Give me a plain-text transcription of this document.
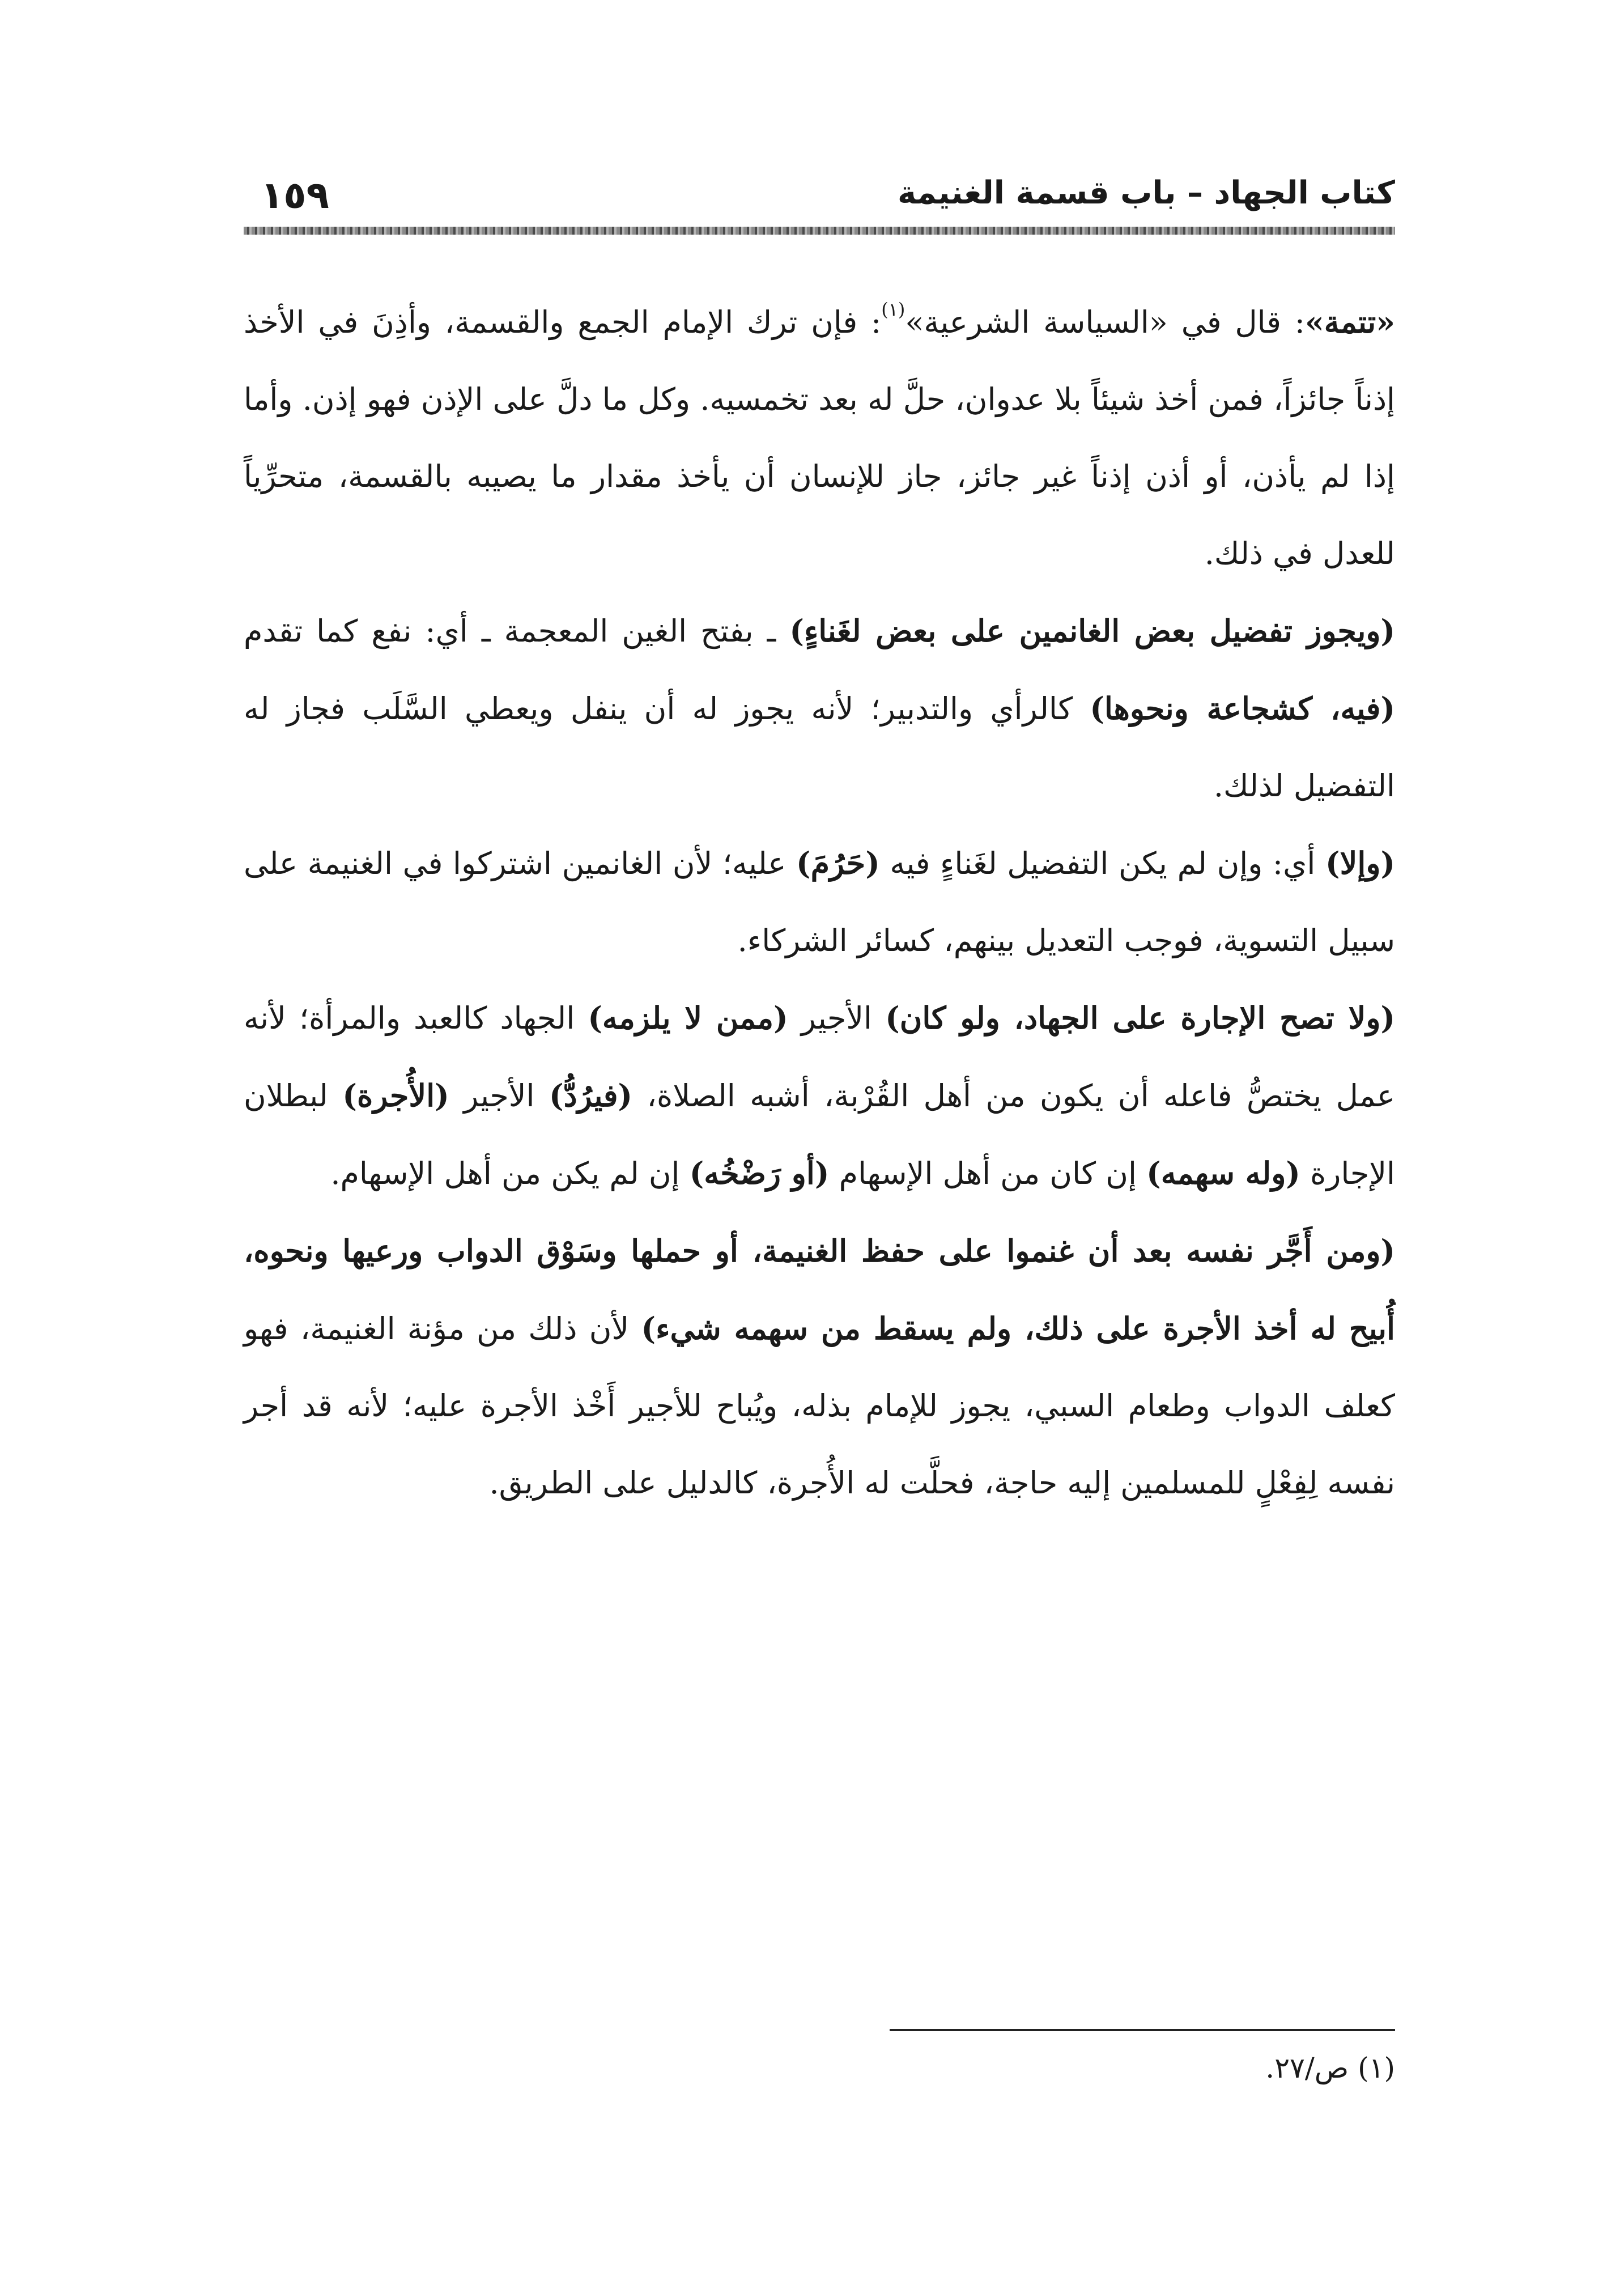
كتاب الجهاد – باب قسمة الغنيمة
١٥٩

«تتمة»: قال في «السياسة الشرعية»$^{(١)}$: فإن ترك الإمام الجمع والقسمة، وأذِنَ في الأخذ إذناً جائزاً، فمن أخذ شيئاً بلا عدوان، حلَّ له بعد تخمسيه. وكل ما دلَّ على الإذن فهو إذن. وأما إذا لم يأذن، أو أذن إذناً غير جائز، جاز للإنسان أن يأخذ مقدار ما يصيبه بالقسمة، متحرِّياً للعدل في ذلك.

(ويجوز تفضيل بعض الغانمين على بعض لغَناءٍ) ـ بفتح الغين المعجمة ـ أي: نفع كما تقدم (فيه، كشجاعة ونحوها) كالرأي والتدبير؛ لأنه يجوز له أن ينفل ويعطي السَّلَب فجاز له التفضيل لذلك.

(وإلا) أي: وإن لم يكن التفضيل لغَناءٍ فيه (حَرُمَ) عليه؛ لأن الغانمين اشتركوا في الغنيمة على سبيل التسوية، فوجب التعديل بينهم، كسائر الشركاء.

(ولا تصح الإجارة على الجهاد، ولو كان) الأجير (ممن لا يلزمه) الجهاد كالعبد والمرأة؛ لأنه عمل يختصُّ فاعله أن يكون من أهل القُرْبة، أشبه الصلاة، (فيرُدُّ) الأجير (الأُجرة) لبطلان الإجارة (وله سهمه) إن كان من أهل الإسهام (أو رَضْخُه) إن لم يكن من أهل الإسهام.

(ومن أَجَّر نفسه بعد أن غنموا على حفظ الغنيمة، أو حملها وسَوْق الدواب ورعيها ونحوه، أُبيح له أخذ الأجرة على ذلك، ولم يسقط من سهمه شيء) لأن ذلك من مؤنة الغنيمة، فهو كعلف الدواب وطعام السبي، يجوز للإمام بذله، ويُباح للأجير أَخْذ الأجرة عليه؛ لأنه قد أجر نفسه لِفِعْلٍ للمسلمين إليه حاجة، فحلَّت له الأُجرة، كالدليل على الطريق.

(١) ص/٢٧.
